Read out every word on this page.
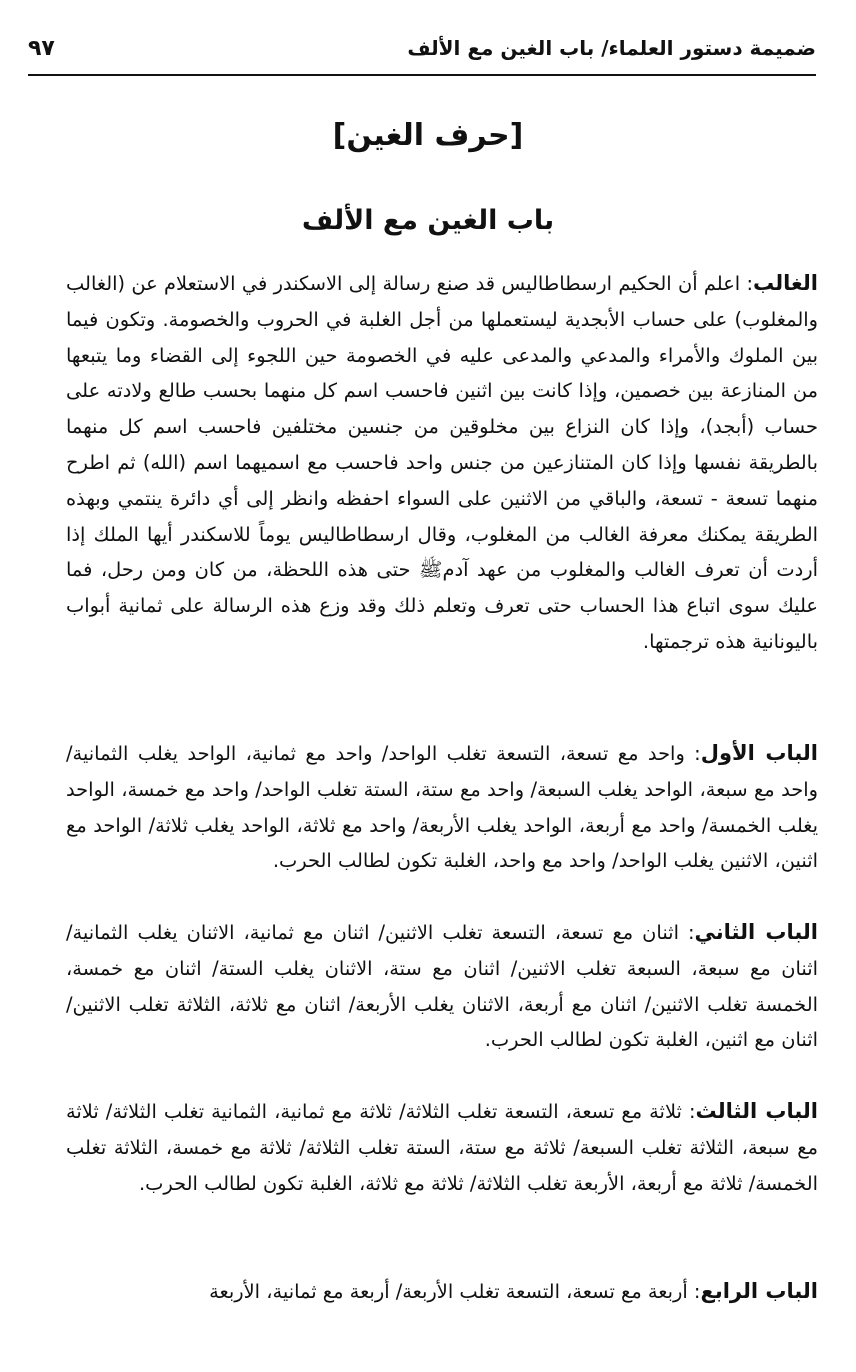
ضميمة دستور العلماء/ باب الغين مع الألف
٩٧
[حرف الغين]
باب الغين مع الألف

الغالب: اعلم أن الحكيم ارسطاطاليس قد صنع رسالة إلى الاسكندر في الاستعلام عن (الغالب والمغلوب) على حساب الأبجدية ليستعملها من أجل الغلبة في الحروب والخصومة. وتكون فيما بين الملوك والأمراء والمدعي والمدعى عليه في الخصومة حين اللجوء إلى القضاء وما يتبعها من المنازعة بين خصمين، وإذا كانت بين اثنين فاحسب اسم كل منهما بحسب طالع ولادته على حساب (أبجد)، وإذا كان النزاع بين مخلوقين من جنسين مختلفين فاحسب اسم كل منهما بالطريقة نفسها وإذا كان المتنازعين من جنس واحد فاحسب مع اسميهما اسم (الله) ثم اطرح منهما تسعة - تسعة، والباقي من الاثنين على السواء احفظه وانظر إلى أي دائرة ينتمي وبهذه الطريقة يمكنك معرفة الغالب من المغلوب، وقال ارسطاطاليس يوماً للاسكندر أيها الملك إذا أردت أن تعرف الغالب والمغلوب من عهد آدمﷺ حتى هذه اللحظة، من كان ومن رحل، فما عليك سوى اتباع هذا الحساب حتى تعرف وتعلم ذلك وقد وزع هذه الرسالة على ثمانية أبواب باليونانية هذه ترجمتها.

الباب الأول: واحد مع تسعة، التسعة تغلب الواحد/ واحد مع ثمانية، الواحد يغلب الثمانية/ واحد مع سبعة، الواحد يغلب السبعة/ واحد مع ستة، الستة تغلب الواحد/ واحد مع خمسة، الواحد يغلب الخمسة/ واحد مع أربعة، الواحد يغلب الأربعة/ واحد مع ثلاثة، الواحد يغلب ثلاثة/ الواحد مع اثنين، الاثنين يغلب الواحد/ واحد مع واحد، الغلبة تكون لطالب الحرب.

الباب الثاني: اثنان مع تسعة، التسعة تغلب الاثنين/ اثنان مع ثمانية، الاثنان يغلب الثمانية/ اثنان مع سبعة، السبعة تغلب الاثنين/ اثنان مع ستة، الاثنان يغلب الستة/ اثنان مع خمسة، الخمسة تغلب الاثنين/ اثنان مع أربعة، الاثنان يغلب الأربعة/ اثنان مع ثلاثة، الثلاثة تغلب الاثنين/ اثنان مع اثنين، الغلبة تكون لطالب الحرب.

الباب الثالث: ثلاثة مع تسعة، التسعة تغلب الثلاثة/ ثلاثة مع ثمانية، الثمانية تغلب الثلاثة/ ثلاثة مع سبعة، الثلاثة تغلب السبعة/ ثلاثة مع ستة، الستة تغلب الثلاثة/ ثلاثة مع خمسة، الثلاثة تغلب الخمسة/ ثلاثة مع أربعة، الأربعة تغلب الثلاثة/ ثلاثة مع ثلاثة، الغلبة تكون لطالب الحرب.

الباب الرابع: أربعة مع تسعة، التسعة تغلب الأربعة/ أربعة مع ثمانية، الأربعة
